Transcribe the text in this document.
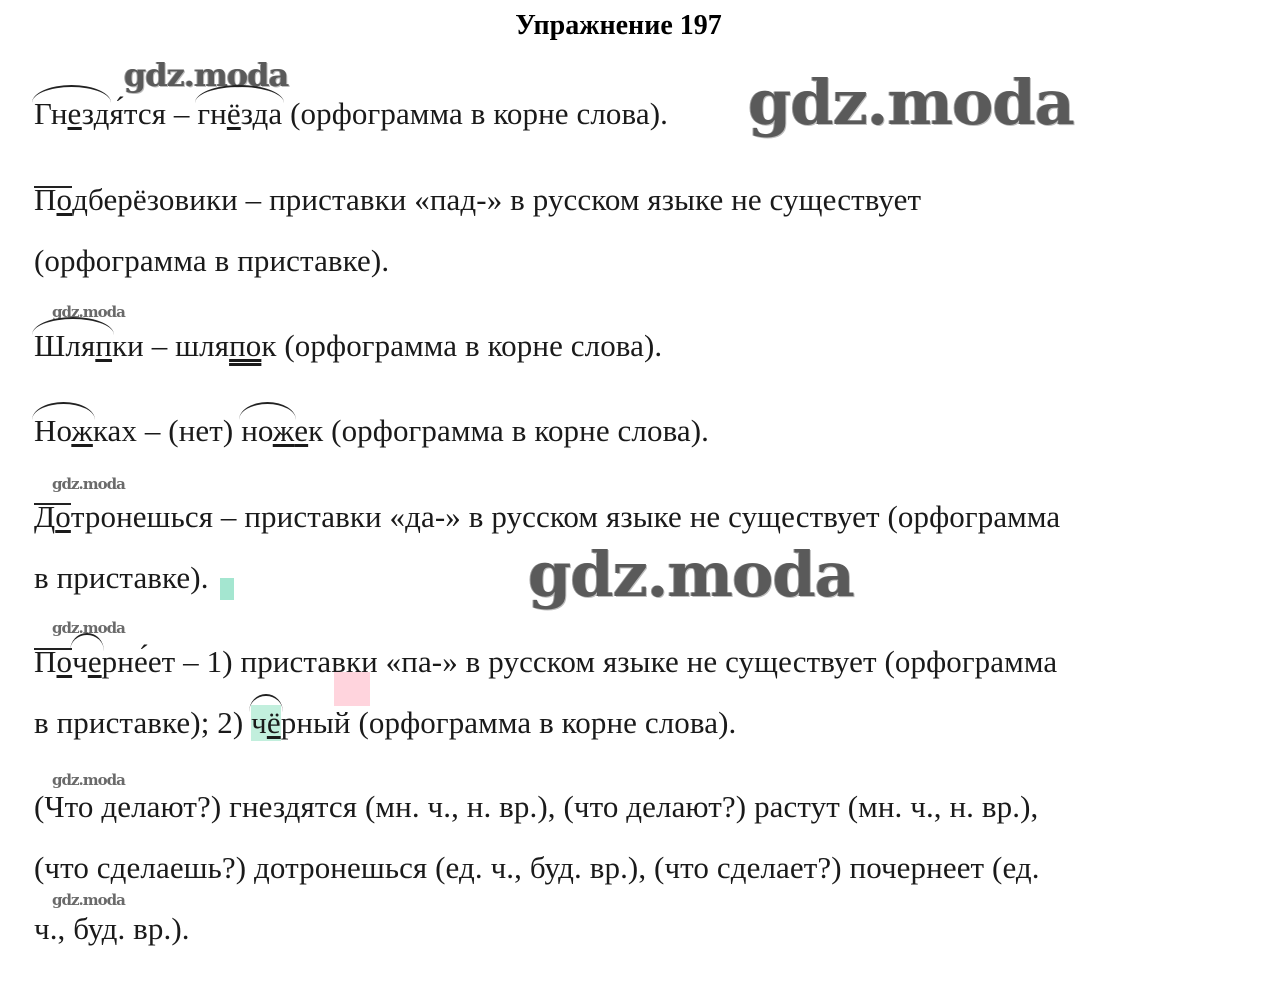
Упражнение 197
gdz.moda	gdz.moda
gdz.moda
gdz.moda
gdz.moda
gdz.moda
gdz.moda
gdz.moda
Гнездя́тся – гнёзда (орфограмма в корне слова).
Подберёзовики – приставки «пад-» в русском языке не существует
(орфограмма в приставке).
Шляпки – шляпок (орфограмма в корне слова).
Ножках – (нет) ножек (орфограмма в корне слова).
Дотронешься – приставки «да-» в русском языке не существует (орфограмма
в приставке).
Почерне́ет – 1) приставки «па-» в русском языке не существует (орфограмма
в приставке); 2) чёрный (орфограмма в корне слова).
(Что делают?) гнездятся (мн. ч., н. вр.), (что делают?) растут (мн. ч., н. вр.),
(что сделаешь?) дотронешься (ед. ч., буд. вр.), (что сделает?) почернеет (ед.
ч., буд. вр.).
